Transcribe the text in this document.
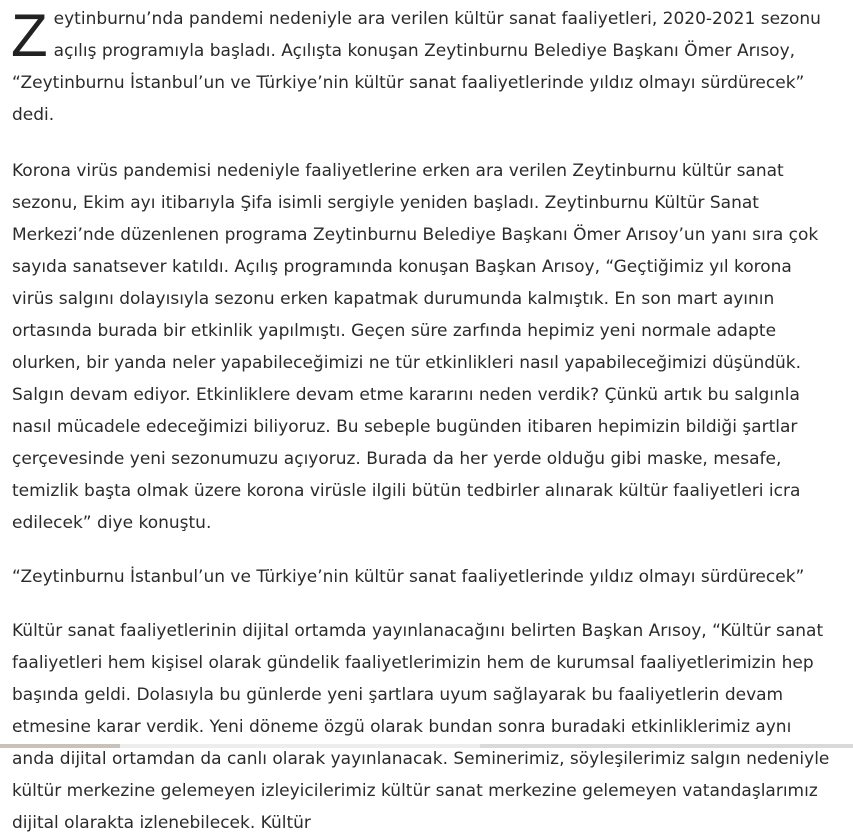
Zeytinburnu’nda pandemi nedeniyle ara verilen kültür sanat faaliyetleri, 2020-2021 sezonu açılış programıyla başladı. Açılışta konuşan Zeytinburnu Belediye Başkanı Ömer Arısoy, “Zeytinburnu İstanbul’un ve Türkiye’nin kültür sanat faaliyetlerinde yıldız olmayı sürdürecek” dedi.

Korona virüs pandemisi nedeniyle faaliyetlerine erken ara verilen Zeytinburnu kültür sanat sezonu, Ekim ayı itibarıyla Şifa isimli sergiyle yeniden başladı. Zeytinburnu Kültür Sanat Merkezi’nde düzenlenen programa Zeytinburnu Belediye Başkanı Ömer Arısoy’un yanı sıra çok sayıda sanatsever katıldı. Açılış programında konuşan Başkan Arısoy, “Geçtiğimiz yıl korona virüs salgını dolayısıyla sezonu erken kapatmak durumunda kalmıştık. En son mart ayının ortasında burada bir etkinlik yapılmıştı. Geçen süre zarfında hepimiz yeni normale adapte olurken, bir yanda neler yapabileceğimizi ne tür etkinlikleri nasıl yapabileceğimizi düşündük. Salgın devam ediyor. Etkinliklere devam etme kararını neden verdik? Çünkü artık bu salgınla nasıl mücadele edeceğimizi biliyoruz. Bu sebeple bugünden itibaren hepimizin bildiği şartlar çerçevesinde yeni sezonumuzu açıyoruz. Burada da her yerde olduğu gibi maske, mesafe, temizlik başta olmak üzere korona virüsle ilgili bütün tedbirler alınarak kültür faaliyetleri icra edilecek” diye konuştu.

“Zeytinburnu İstanbul’un ve Türkiye’nin kültür sanat faaliyetlerinde yıldız olmayı sürdürecek”

Kültür sanat faaliyetlerinin dijital ortamda yayınlanacağını belirten Başkan Arısoy, “Kültür sanat faaliyetleri hem kişisel olarak gündelik faaliyetlerimizin hem de kurumsal faaliyetlerimizin hep başında geldi. Dolasıyla bu günlerde yeni şartlara uyum sağlayarak bu faaliyetlerin devam etmesine karar verdik. Yeni döneme özgü olarak bundan sonra buradaki etkinliklerimiz aynı anda dijital ortamdan da canlı olarak yayınlanacak. Seminerimiz, söyleşilerimiz salgın nedeniyle kültür merkezine gelemeyen izleyicilerimiz kültür sanat merkezine gelemeyen vatandaşlarımız dijital olarakta izlenebilecek. Kültür
